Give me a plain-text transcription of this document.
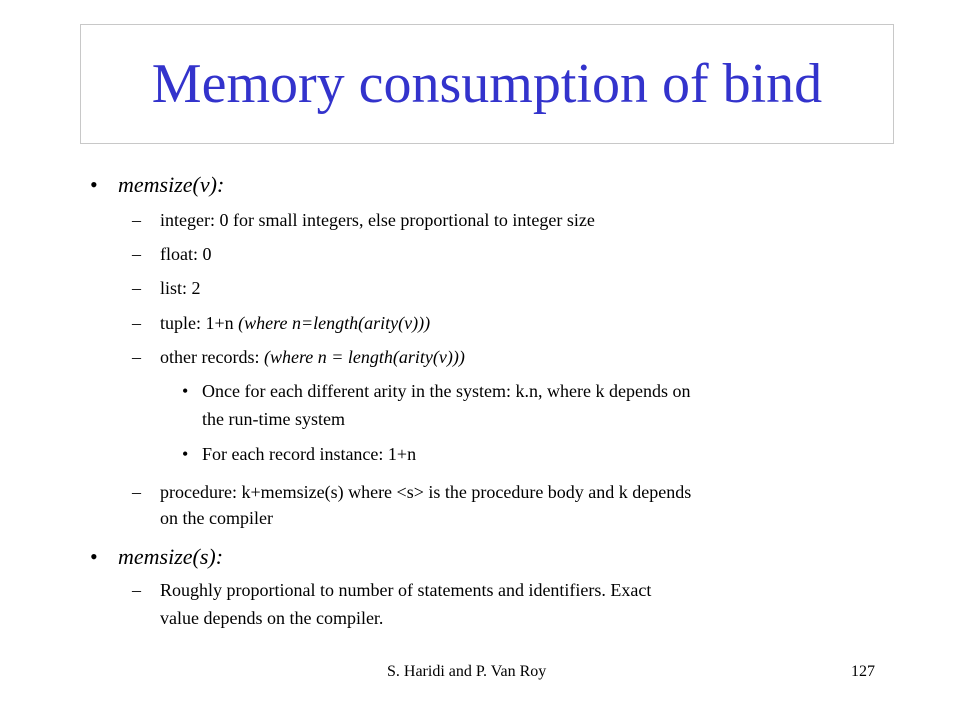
Memory consumption of bind
• memsize(v):
– integer: 0 for small integers, else proportional to integer size
– float: 0
– list: 2
– tuple: 1+n (where n=length(arity(v)))
– other records: (where n = length(arity(v)))
• Once for each different arity in the system: k.n, where k depends on
the run-time system
• For each record instance: 1+n
– procedure: k+memsize(s) where <s> is the procedure body and k depends
on the compiler
• memsize(s):
– Roughly proportional to number of statements and identifiers. Exact
value depends on the compiler.
S. Haridi and P. Van Roy	127
